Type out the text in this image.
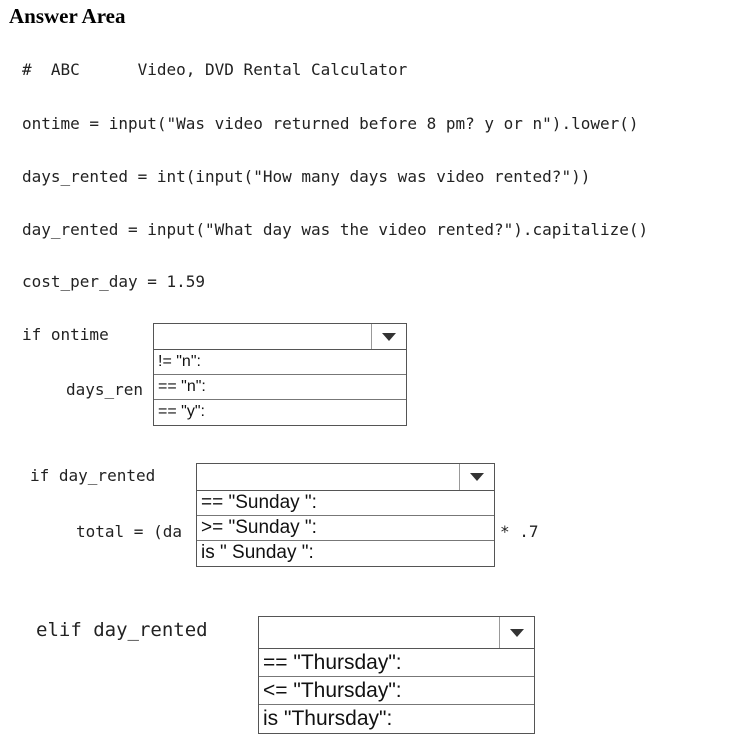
Answer Area
#  ABC      Video, DVD Rental Calculator
ontime = input("Was video returned before 8 pm? y or n").lower()
days_rented = int(input("How many days was video rented?"))
day_rented = input("What day was the video rented?").capitalize()
cost_per_day = 1.59
if ontime
days_ren
if day_rented
total = (da	* .7
elif day_rented
!= "n":
== "n":
== "y":
== "Sunday ":
>= "Sunday ":
is " Sunday ":
== "Thursday":
<= "Thursday":
is "Thursday":
